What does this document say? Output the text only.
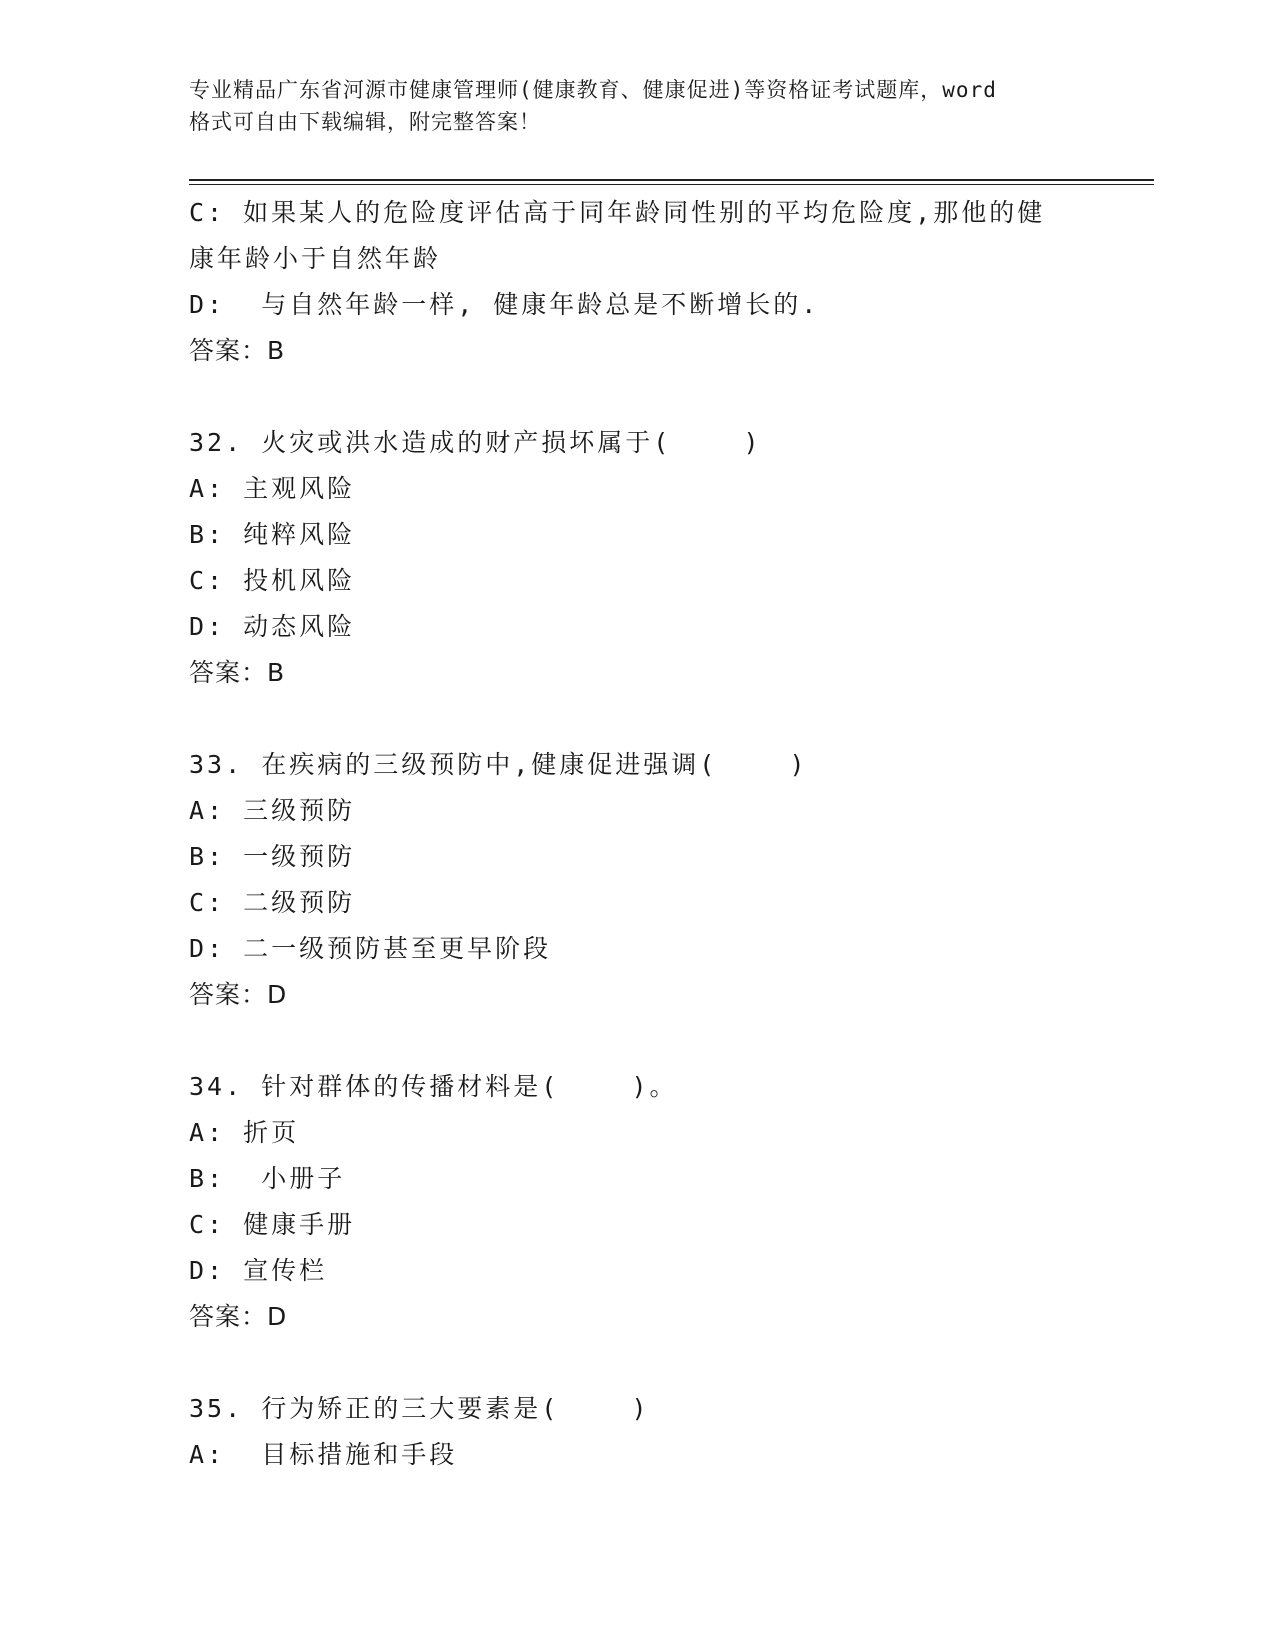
专业精品广东省河源市健康管理师(健康教育、健康促进)等资格证考试题库，word
格式可自由下载编辑，附完整答案！
C: 如果某人的危险度评估高于同年龄同性别的平均危险度,那他的健
康年龄小于自然年龄
D:  与自然年龄一样, 健康年龄总是不断增长的.
答案：B
32. 火灾或洪水造成的财产损坏属于(    )
A: 主观风险
B: 纯粹风险
C: 投机风险
D: 动态风险
答案：B
33. 在疾病的三级预防中,健康促进强调(    )
A: 三级预防
B: 一级预防
C: 二级预防
D: 二一级预防甚至更早阶段
答案：D
34. 针对群体的传播材料是(    )。
A: 折页
B:  小册子
C: 健康手册
D: 宣传栏
答案：D
35. 行为矫正的三大要素是(    )
A:  目标措施和手段
